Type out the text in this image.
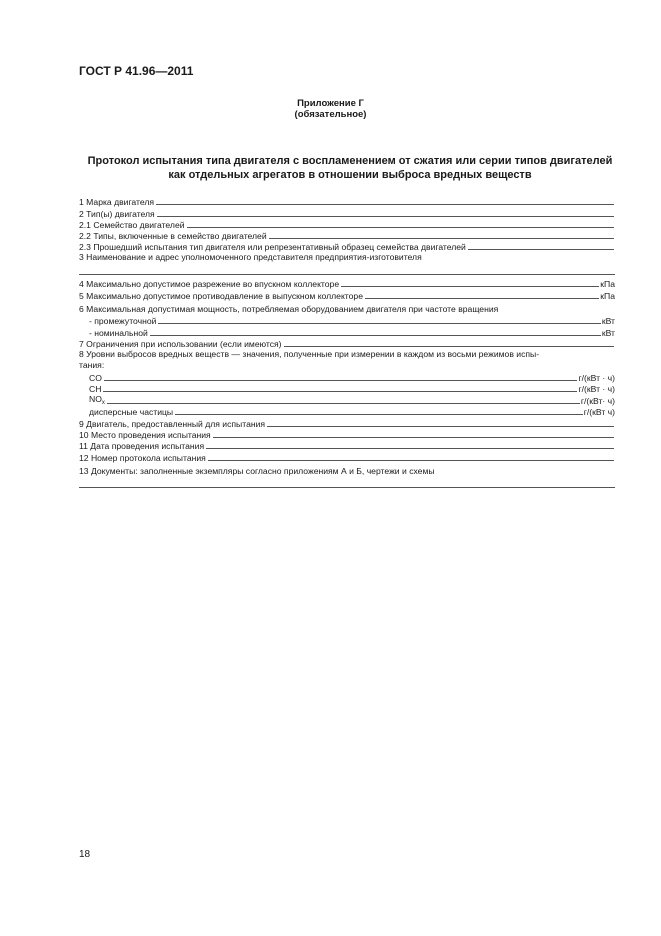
ГОСТ Р 41.96—2011
Приложение Г
(обязательное)
Протокол испытания типа двигателя с воспламенением от сжатия или серии типов двигателей
как отдельных агрегатов в отношении выброса вредных веществ
1 Марка двигателя
2 Тип(ы) двигателя
2.1 Семейство двигателей
2.2 Типы, включенные в семейство двигателей
2.3 Прошедший испытания тип двигателя или репрезентативный образец семейства двигателей
3 Наименование и адрес уполномоченного представителя предприятия-изготовителя
4 Максимально допустимое разрежение во впускном коллекторе	кПа
5 Максимально допустимое противодавление в выпускном коллекторе	кПа
6 Максимальная допустимая мощность, потребляемая оборудованием двигателя при частоте вращения
- промежуточной	кВт
- номинальной	кВт
7 Ограничения при использовании (если имеются)
8 Уровни выбросов вредных веществ — значения, полученные при измерении в каждом из восьми режимов испы-
тания:
CO	г/(кВт · ч)
CH	г/(кВт · ч)
$NO_x$	г/(кВт· ч)
дисперсные частицы	г/(кВт ч)
9 Двигатель, предоставленный для испытания
10 Место проведения испытания
11 Дата проведения испытания
12 Номер протокола испытания
13 Документы: заполненные экземпляры согласно приложениям А и Б, чертежи и схемы
18
